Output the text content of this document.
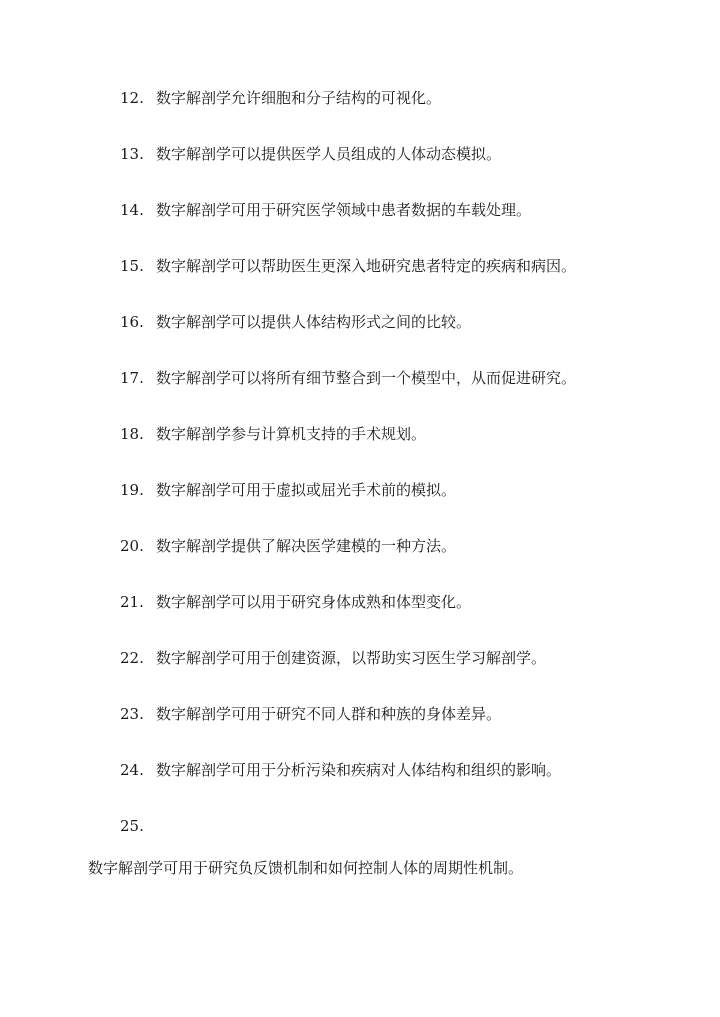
12. 数字解剖学允许细胞和分子结构的可视化。
13. 数字解剖学可以提供医学人员组成的人体动态模拟。
14. 数字解剖学可用于研究医学领域中患者数据的车载处理。
15. 数字解剖学可以帮助医生更深入地研究患者特定的疾病和病因。
16. 数字解剖学可以提供人体结构形式之间的比较。
17. 数字解剖学可以将所有细节整合到一个模型中，从而促进研究。
18. 数字解剖学参与计算机支持的手术规划。
19. 数字解剖学可用于虚拟或屈光手术前的模拟。
20. 数字解剖学提供了解决医学建模的一种方法。
21. 数字解剖学可以用于研究身体成熟和体型变化。
22. 数字解剖学可用于创建资源，以帮助实习医生学习解剖学。
23. 数字解剖学可用于研究不同人群和种族的身体差异。
24. 数字解剖学可用于分析污染和疾病对人体结构和组织的影响。
25.
数字解剖学可用于研究负反馈机制和如何控制人体的周期性机制。
